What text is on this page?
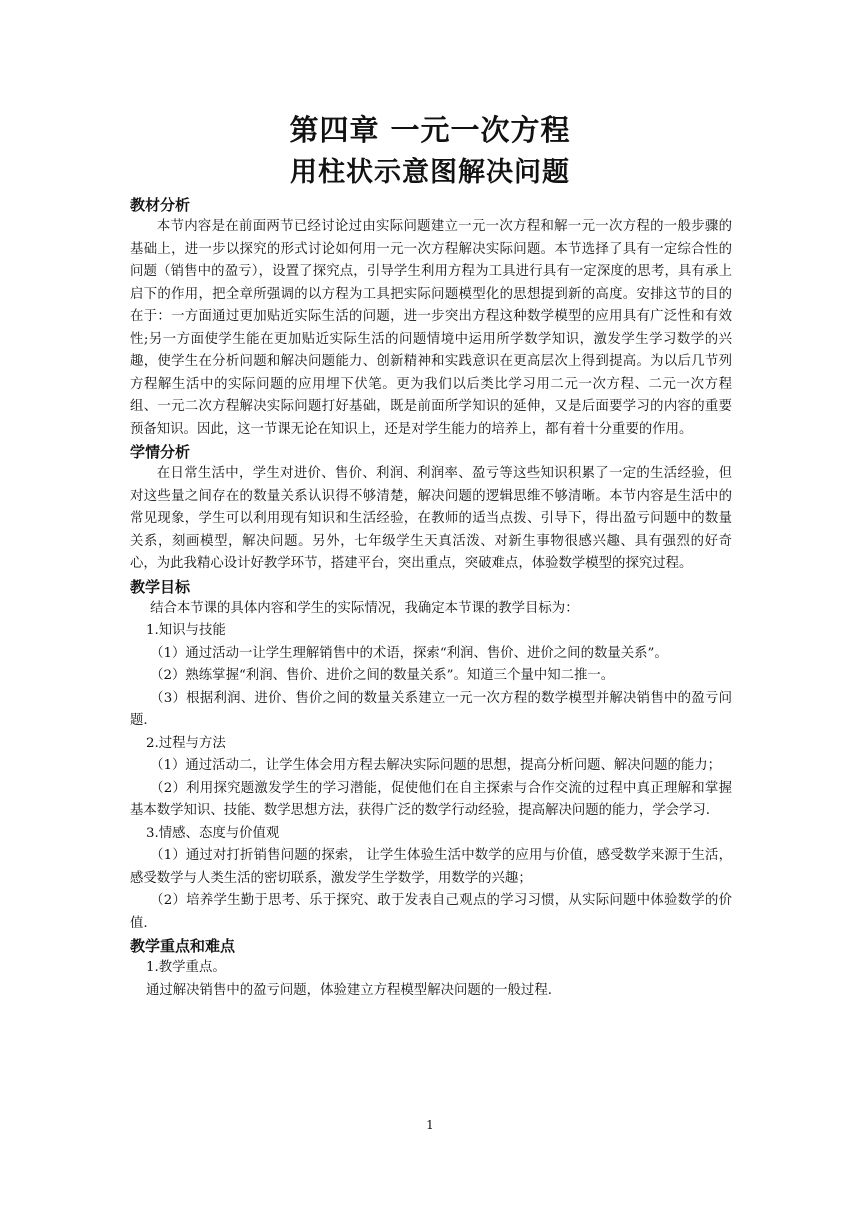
第四章 一元一次方程
用柱状示意图解决问题
教材分析

本节内容是在前面两节已经讨论过由实际问题建立一元一次方程和解一元一次方程的一般步骤的基础上，进一步以探究的形式讨论如何用一元一次方程解决实际问题。本节选择了具有一定综合性的问题（销售中的盈亏），设置了探究点，引导学生利用方程为工具进行具有一定深度的思考，具有承上启下的作用，把全章所强调的以方程为工具把实际问题模型化的思想提到新的高度。安排这节的目的在于：一方面通过更加贴近实际生活的问题，进一步突出方程这种数学模型的应用具有广泛性和有效性;另一方面使学生能在更加贴近实际生活的问题情境中运用所学数学知识，激发学生学习数学的兴趣，使学生在分析问题和解决问题能力、创新精神和实践意识在更高层次上得到提高。为以后几节列方程解生活中的实际问题的应用埋下伏笔。更为我们以后类比学习用二元一次方程、二元一次方程组、一元二次方程解决实际问题打好基础，既是前面所学知识的延伸，又是后面要学习的内容的重要预备知识。因此，这一节课无论在知识上，还是对学生能力的培养上，都有着十分重要的作用。

学情分析

在日常生活中，学生对进价、售价、利润、利润率、盈亏等这些知识积累了一定的生活经验，但对这些量之间存在的数量关系认识得不够清楚，解决问题的逻辑思维不够清晰。本节内容是生活中的常见现象，学生可以利用现有知识和生活经验，在教师的适当点拨、引导下，得出盈亏问题中的数量关系，刻画模型，解决问题。另外，七年级学生天真活泼、对新生事物很感兴趣、具有强烈的好奇心，为此我精心设计好教学环节，搭建平台，突出重点，突破难点，体验数学模型的探究过程。

教学目标

结合本节课的具体内容和学生的实际情况，我确定本节课的教学目标为：

1.知识与技能

（1）通过活动一让学生理解销售中的术语，探索“利润、售价、进价之间的数量关系”。

（2）熟练掌握“利润、售价、进价之间的数量关系”。知道三个量中知二推一。

（3）根据利润、进价、售价之间的数量关系建立一元一次方程的数学模型并解决销售中的盈亏问题.

2.过程与方法

（1）通过活动二，让学生体会用方程去解决实际问题的思想，提高分析问题、解决问题的能力；

（2）利用探究题激发学生的学习潜能，促使他们在自主探索与合作交流的过程中真正理解和掌握基本数学知识、技能、数学思想方法，获得广泛的数学行动经验，提高解决问题的能力，学会学习.

3.情感、态度与价值观

（1）通过对打折销售问题的探索， 让学生体验生活中数学的应用与价值，感受数学来源于生活，感受数学与人类生活的密切联系，激发学生学数学，用数学的兴趣；

（2）培养学生勤于思考、乐于探究、敢于发表自己观点的学习习惯，从实际问题中体验数学的价值.

教学重点和难点

1.教学重点。

通过解决销售中的盈亏问题，体验建立方程模型解决问题的一般过程.

1
